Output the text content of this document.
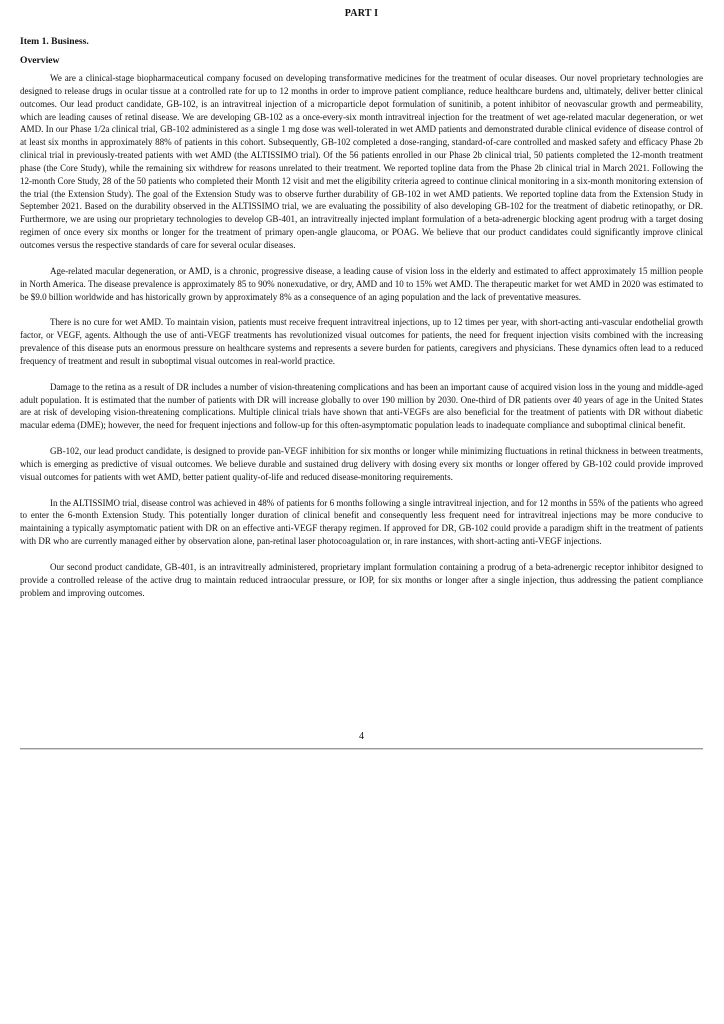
PART I
Item 1. Business.
Overview

We are a clinical-stage biopharmaceutical company focused on developing transformative medicines for the treatment of ocular diseases. Our novel proprietary technologies are designed to release drugs in ocular tissue at a controlled rate for up to 12 months in order to improve patient compliance, reduce healthcare burdens and, ultimately, deliver better clinical outcomes. Our lead product candidate, GB-102, is an intravitreal injection of a microparticle depot formulation of sunitinib, a potent inhibitor of neovascular growth and permeability, which are leading causes of retinal disease. We are developing GB-102 as a once-every-six month intravitreal injection for the treatment of wet age-related macular degeneration, or wet AMD. In our Phase 1/2a clinical trial, GB-102 administered as a single 1 mg dose was well-tolerated in wet AMD patients and demonstrated durable clinical evidence of disease control of at least six months in approximately 88% of patients in this cohort. Subsequently, GB-102 completed a dose-ranging, standard-of-care controlled and masked safety and efficacy Phase 2b clinical trial in previously-treated patients with wet AMD (the ALTISSIMO trial). Of the 56 patients enrolled in our Phase 2b clinical trial, 50 patients completed the 12-month treatment phase (the Core Study), while the remaining six withdrew for reasons unrelated to their treatment. We reported topline data from the Phase 2b clinical trial in March 2021. Following the 12-month Core Study, 28 of the 50 patients who completed their Month 12 visit and met the eligibility criteria agreed to continue clinical monitoring in a six-month monitoring extension of the trial (the Extension Study). The goal of the Extension Study was to observe further durability of GB-102 in wet AMD patients. We reported topline data from the Extension Study in September 2021. Based on the durability observed in the ALTISSIMO trial, we are evaluating the possibility of also developing GB-102 for the treatment of diabetic retinopathy, or DR. Furthermore, we are using our proprietary technologies to develop GB-401, an intravitreally injected implant formulation of a beta-adrenergic blocking agent prodrug with a target dosing regimen of once every six months or longer for the treatment of primary open-angle glaucoma, or POAG. We believe that our product candidates could significantly improve clinical outcomes versus the respective standards of care for several ocular diseases.

Age-related macular degeneration, or AMD, is a chronic, progressive disease, a leading cause of vision loss in the elderly and estimated to affect approximately 15 million people in North America. The disease prevalence is approximately 85 to 90% nonexudative, or dry, AMD and 10 to 15% wet AMD. The therapeutic market for wet AMD in 2020 was estimated to be $9.0 billion worldwide and has historically grown by approximately 8% as a consequence of an aging population and the lack of preventative measures.

There is no cure for wet AMD. To maintain vision, patients must receive frequent intravitreal injections, up to 12 times per year, with short-acting anti-vascular endothelial growth factor, or VEGF, agents. Although the use of anti-VEGF treatments has revolutionized visual outcomes for patients, the need for frequent injection visits combined with the increasing prevalence of this disease puts an enormous pressure on healthcare systems and represents a severe burden for patients, caregivers and physicians. These dynamics often lead to a reduced frequency of treatment and result in suboptimal visual outcomes in real-world practice.

Damage to the retina as a result of DR includes a number of vision-threatening complications and has been an important cause of acquired vision loss in the young and middle-aged adult population. It is estimated that the number of patients with DR will increase globally to over 190 million by 2030. One-third of DR patients over 40 years of age in the United States are at risk of developing vision-threatening complications. Multiple clinical trials have shown that anti-VEGFs are also beneficial for the treatment of patients with DR without diabetic macular edema (DME); however, the need for frequent injections and follow-up for this often-asymptomatic population leads to inadequate compliance and suboptimal clinical benefit.

GB-102, our lead product candidate, is designed to provide pan-VEGF inhibition for six months or longer while minimizing fluctuations in retinal thickness in between treatments, which is emerging as predictive of visual outcomes. We believe durable and sustained drug delivery with dosing every six months or longer offered by GB-102 could provide improved visual outcomes for patients with wet AMD, better patient quality-of-life and reduced disease-monitoring requirements.

In the ALTISSIMO trial, disease control was achieved in 48% of patients for 6 months following a single intravitreal injection, and for 12 months in 55% of the patients who agreed to enter the 6-month Extension Study. This potentially longer duration of clinical benefit and consequently less frequent need for intravitreal injections may be more conducive to maintaining a typically asymptomatic patient with DR on an effective anti-VEGF therapy regimen. If approved for DR, GB-102 could provide a paradigm shift in the treatment of patients with DR who are currently managed either by observation alone, pan-retinal laser photocoagulation or, in rare instances, with short-acting anti-VEGF injections.

Our second product candidate, GB-401, is an intravitreally administered, proprietary implant formulation containing a prodrug of a beta-adrenergic receptor inhibitor designed to provide a controlled release of the active drug to maintain reduced intraocular pressure, or IOP, for six months or longer after a single injection, thus addressing the patient compliance problem and improving outcomes.

4
